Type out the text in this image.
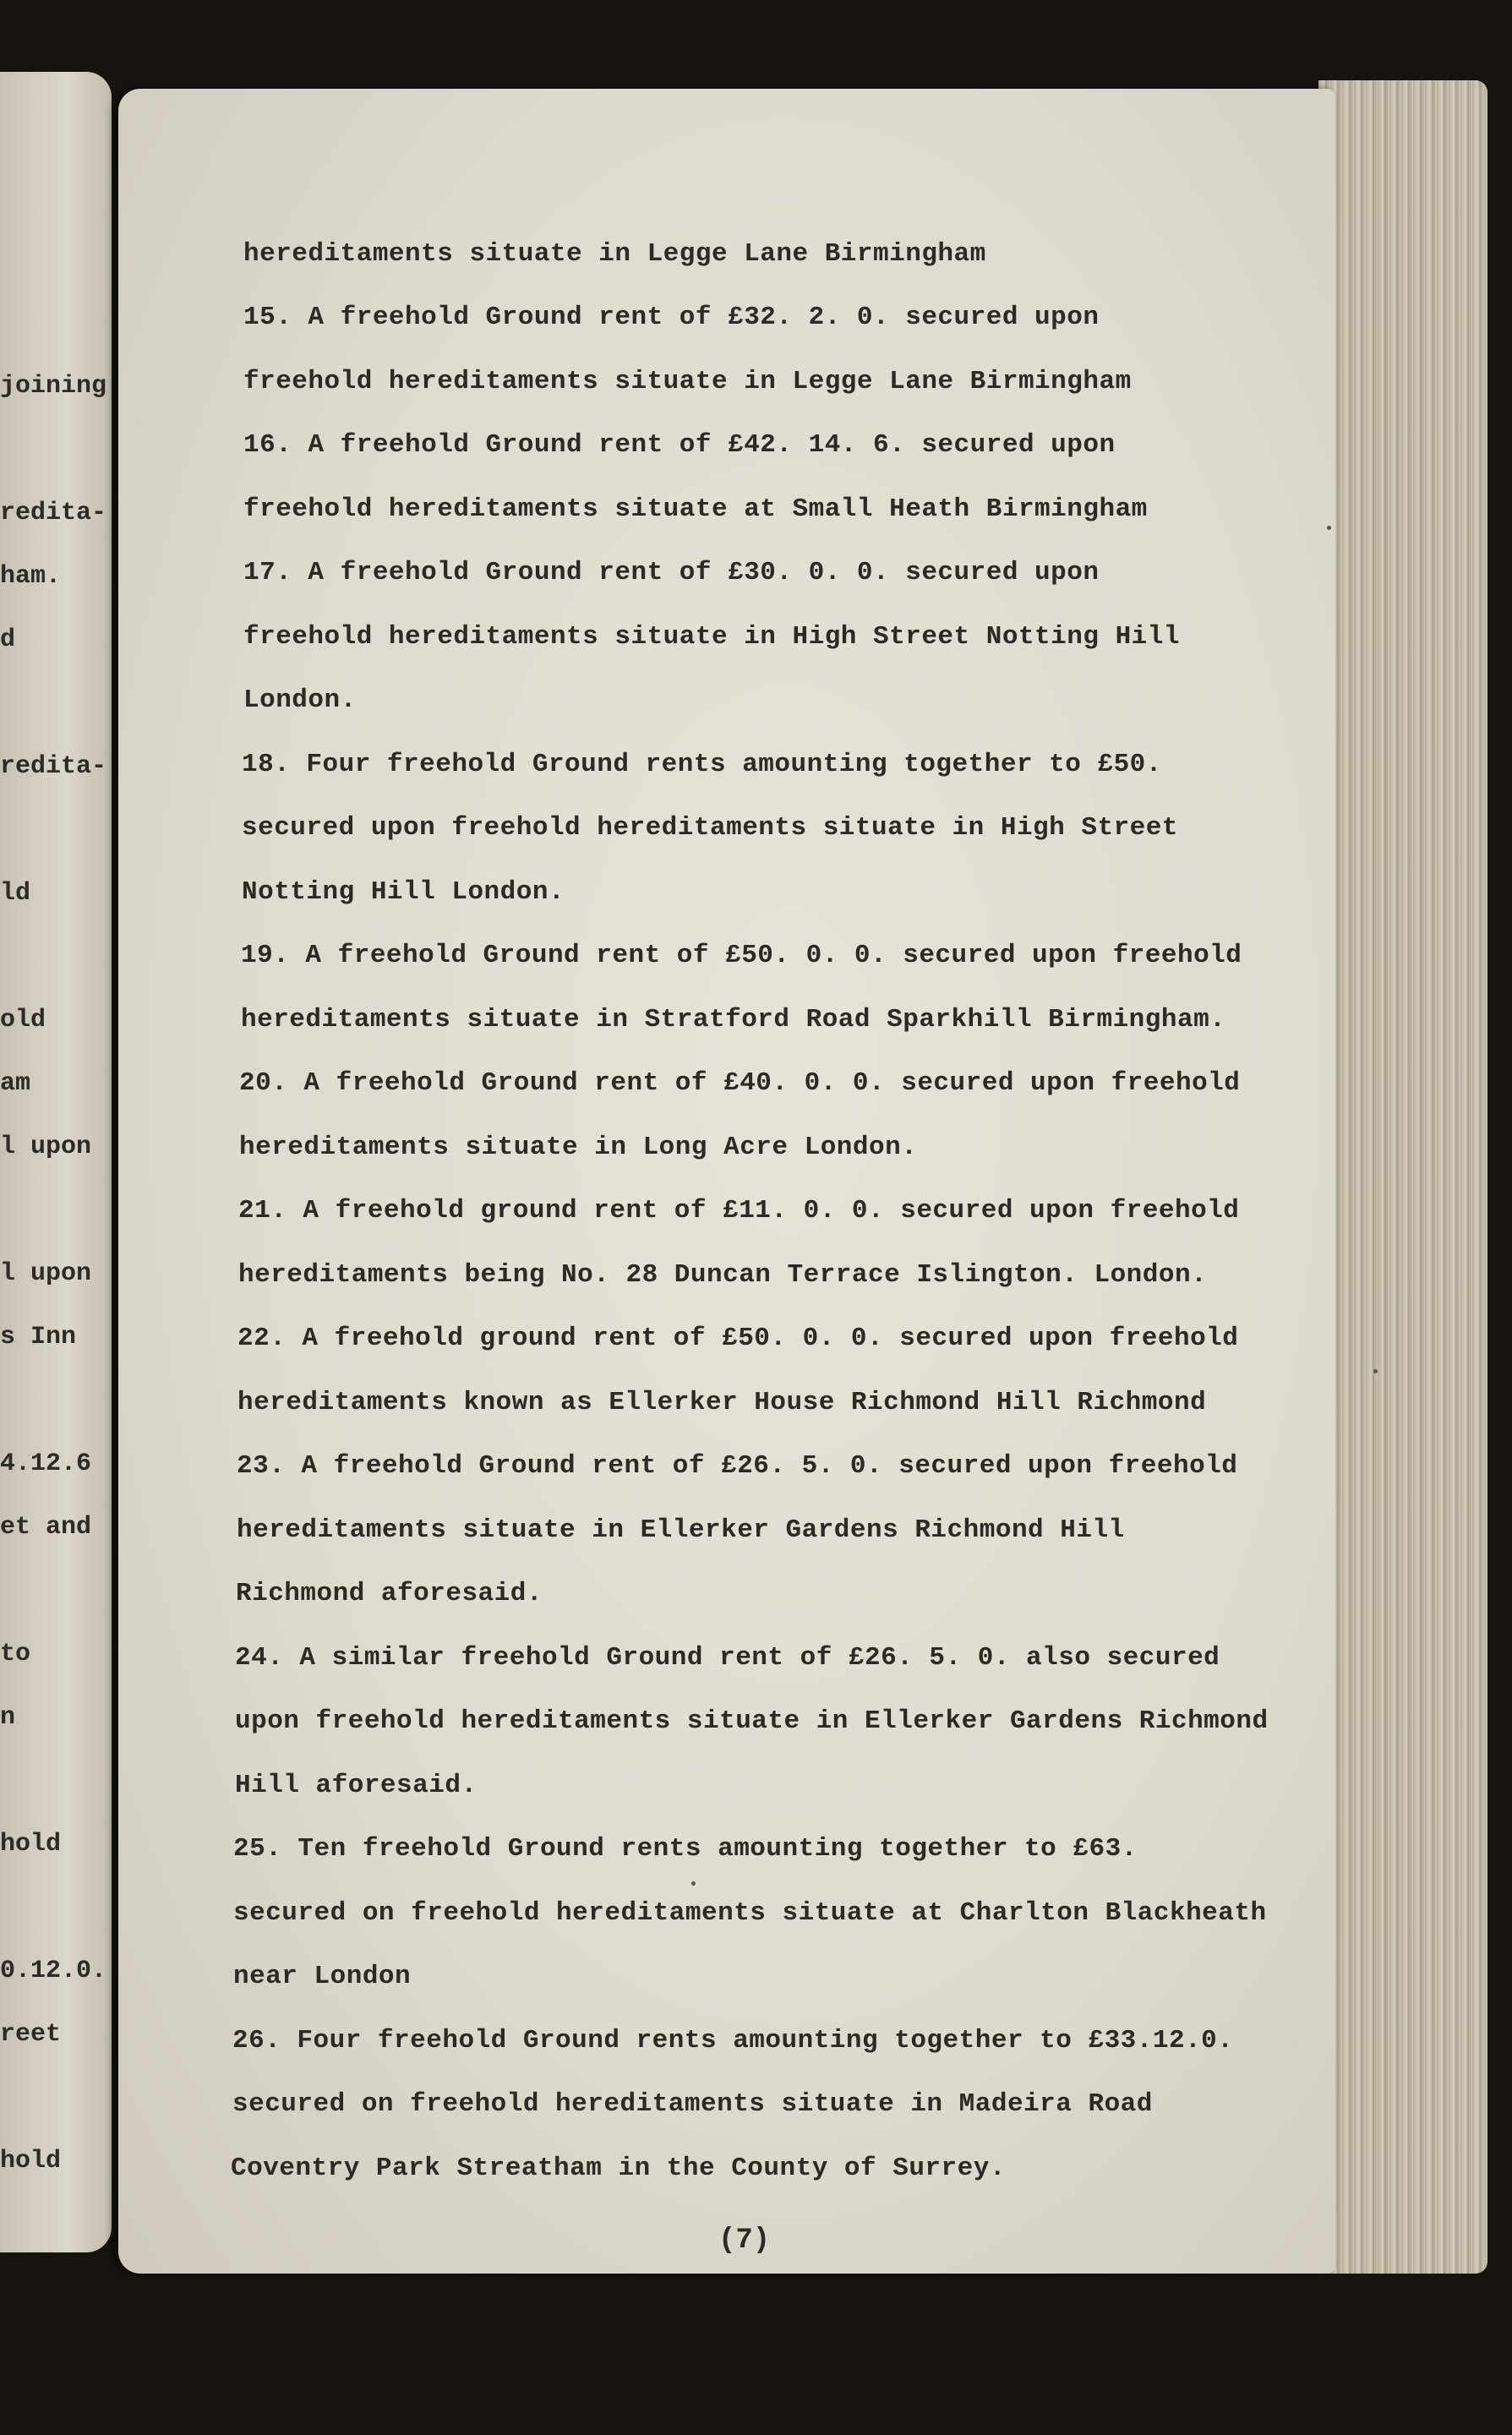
joining
redita-
ham.
d
redita-
ld
old
am
l upon
l upon
s Inn
4.12.6
et and
to
n
hold
0.12.0.
reet
hold
hereditaments situate in Legge Lane Birmingham
15. A freehold Ground rent of £32. 2. 0. secured upon
freehold hereditaments situate in Legge Lane Birmingham
16. A freehold Ground rent of £42. 14. 6. secured upon
freehold hereditaments situate at Small Heath Birmingham
17. A freehold Ground rent of £30. 0. 0. secured upon
freehold hereditaments situate in High Street Notting Hill
London.
18. Four freehold Ground rents amounting together to £50.
secured upon freehold hereditaments situate in High Street
Notting Hill London.
19. A freehold Ground rent of £50. 0. 0. secured upon freehold
hereditaments situate in Stratford Road Sparkhill Birmingham.
20. A freehold Ground rent of £40. 0. 0. secured upon freehold
hereditaments situate in Long Acre London.
21. A freehold ground rent of £11. 0. 0. secured upon freehold
hereditaments being No. 28 Duncan Terrace Islington. London.
22. A freehold ground rent of £50. 0. 0. secured upon freehold
hereditaments known as Ellerker House Richmond Hill Richmond
23. A freehold Ground rent of £26. 5. 0. secured upon freehold
hereditaments situate in Ellerker Gardens Richmond Hill
Richmond aforesaid.
24. A similar freehold Ground rent of £26. 5. 0. also secured
upon freehold hereditaments situate in Ellerker Gardens Richmond
Hill aforesaid.
25. Ten freehold Ground rents amounting together to £63.
secured on freehold hereditaments situate at Charlton Blackheath
near London
26. Four freehold Ground rents amounting together to £33.12.0.
secured on freehold hereditaments situate in Madeira Road
Coventry Park Streatham in the County of Surrey.
(7)
